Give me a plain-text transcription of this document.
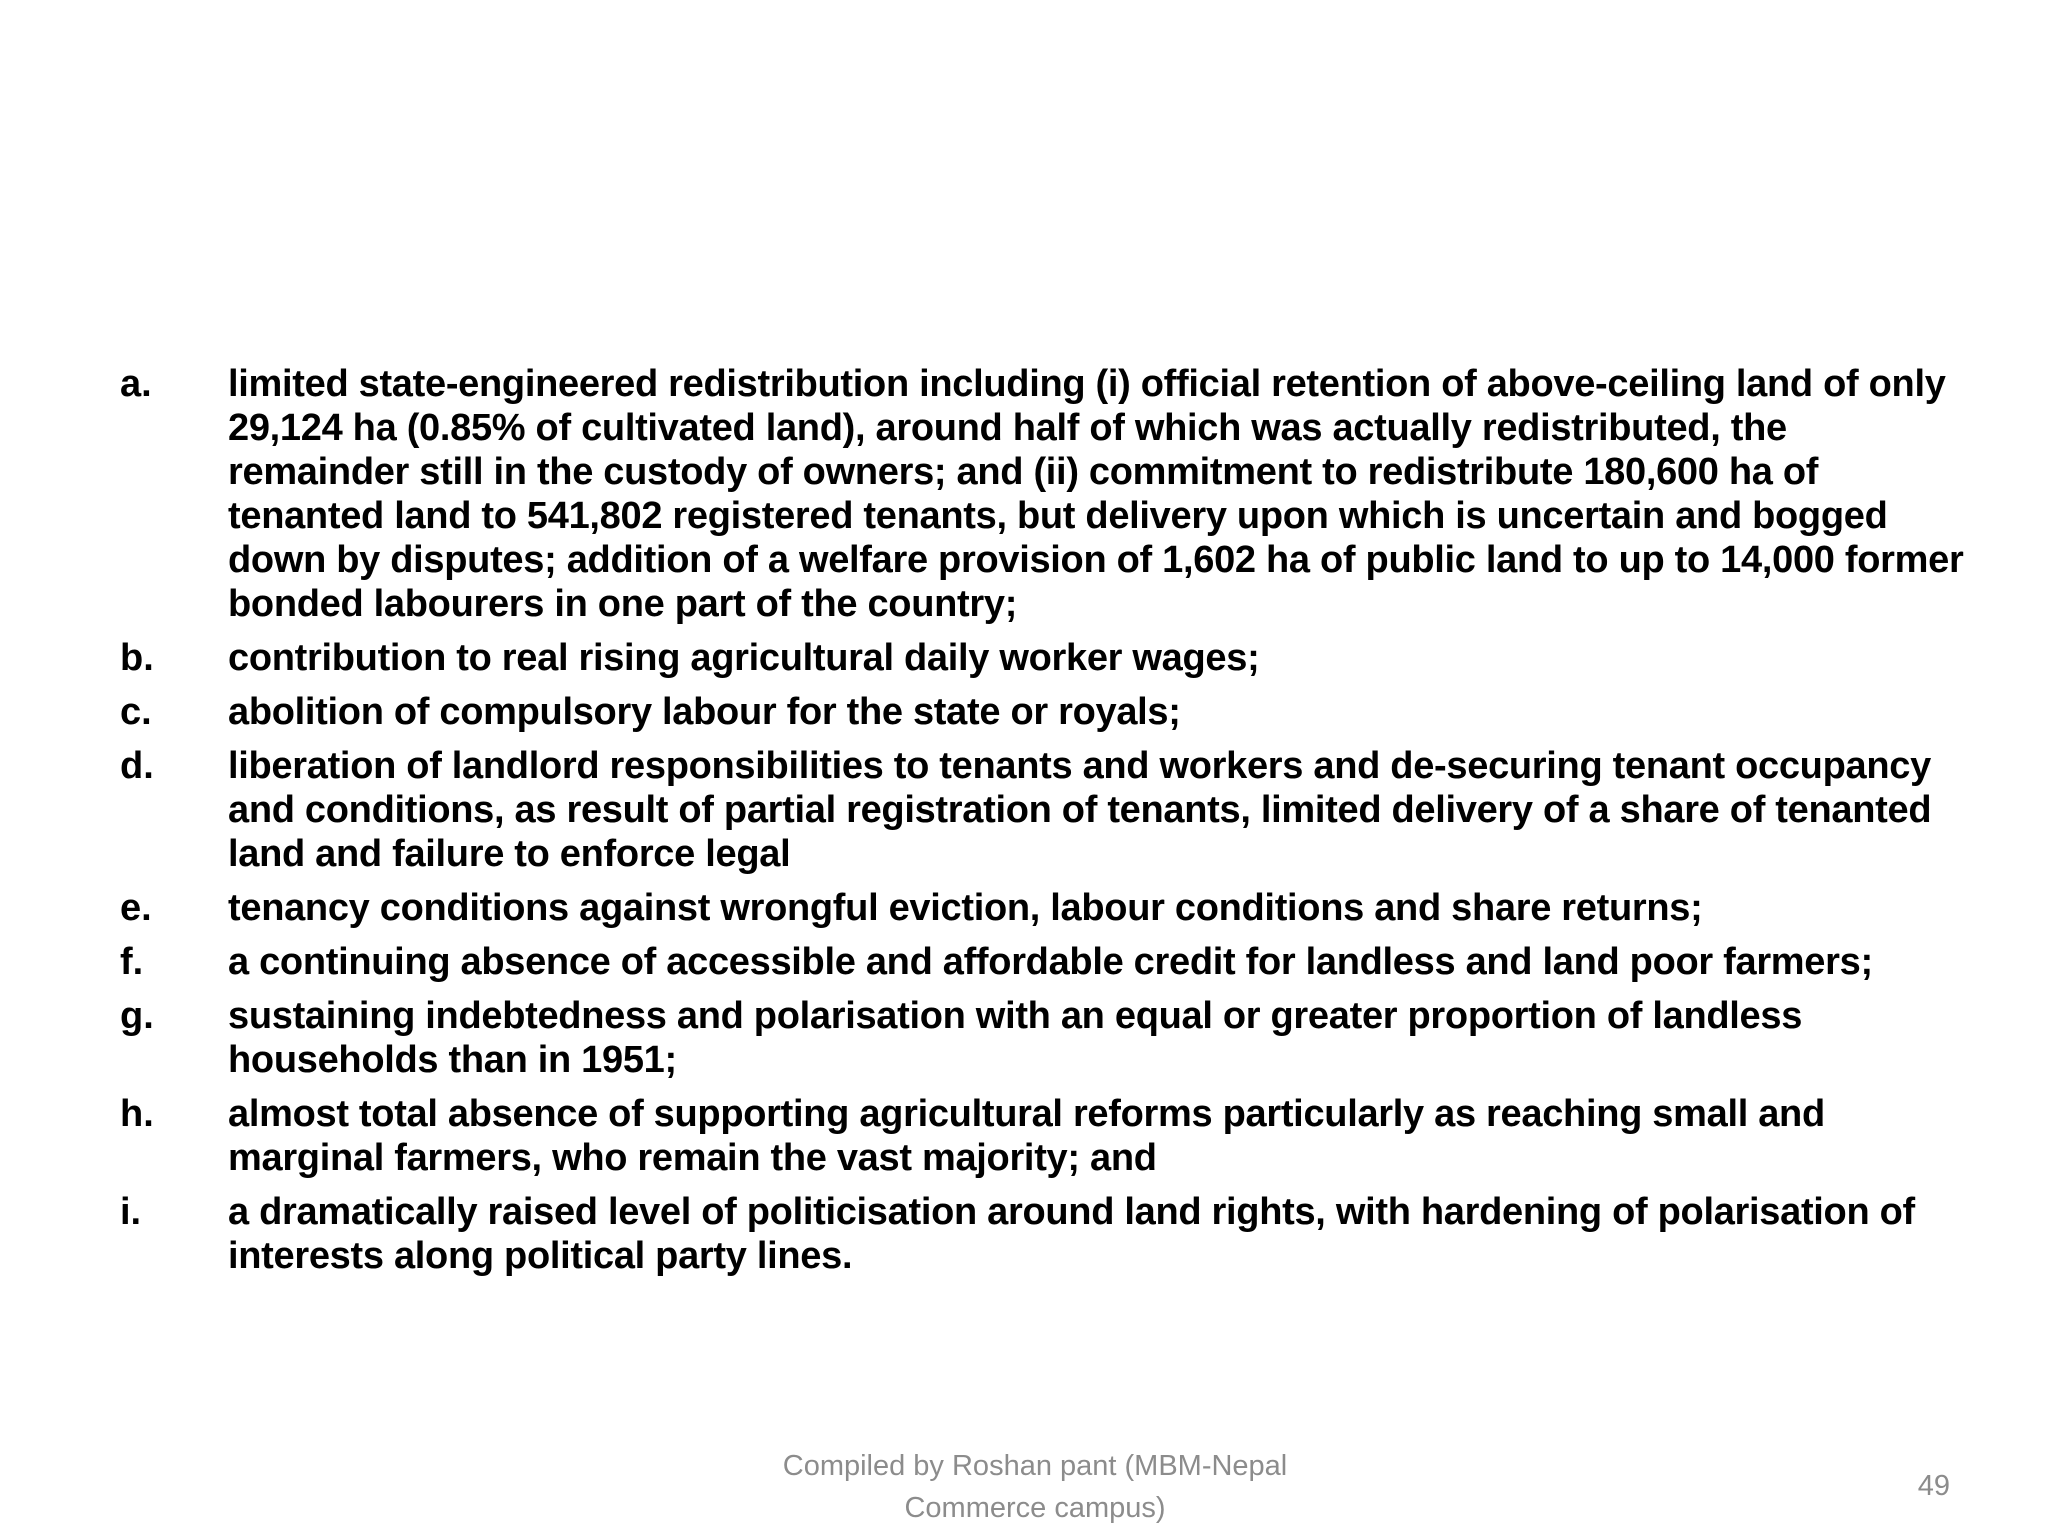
a.	limited state-engineered redistribution including (i) official retention of above-ceiling land of only 29,124 ha (0.85% of cultivated land), around half of which was actually redistributed, the remainder still in the custody of owners; and (ii) commitment to redistribute 180,600 ha of tenanted land to 541,802 registered tenants, but delivery upon which is uncertain and bogged down by disputes; addition of a welfare provision of 1,602 ha of public land to up to 14,000 former bonded labourers in one part of the country;
b.	contribution to real rising agricultural daily worker wages;
c.	abolition of compulsory labour for the state or royals;
d.	liberation of landlord responsibilities to tenants and workers and de-securing tenant occupancy and conditions, as result of partial registration of tenants, limited delivery of a share of tenanted land and failure to enforce legal
e.	tenancy conditions against wrongful eviction, labour conditions and share returns;
f.	a continuing absence of accessible and affordable credit for landless and land poor farmers;
g.	sustaining indebtedness and polarisation with an equal or greater proportion of landless households than in 1951;
h.	almost total absence of supporting agricultural reforms particularly as reaching small and marginal farmers, who remain the vast majority; and
i.	a dramatically raised level of politicisation around land rights, with hardening of polarisation of interests along political party lines.
Compiled by Roshan pant (MBM-Nepal
Commerce campus)
49
